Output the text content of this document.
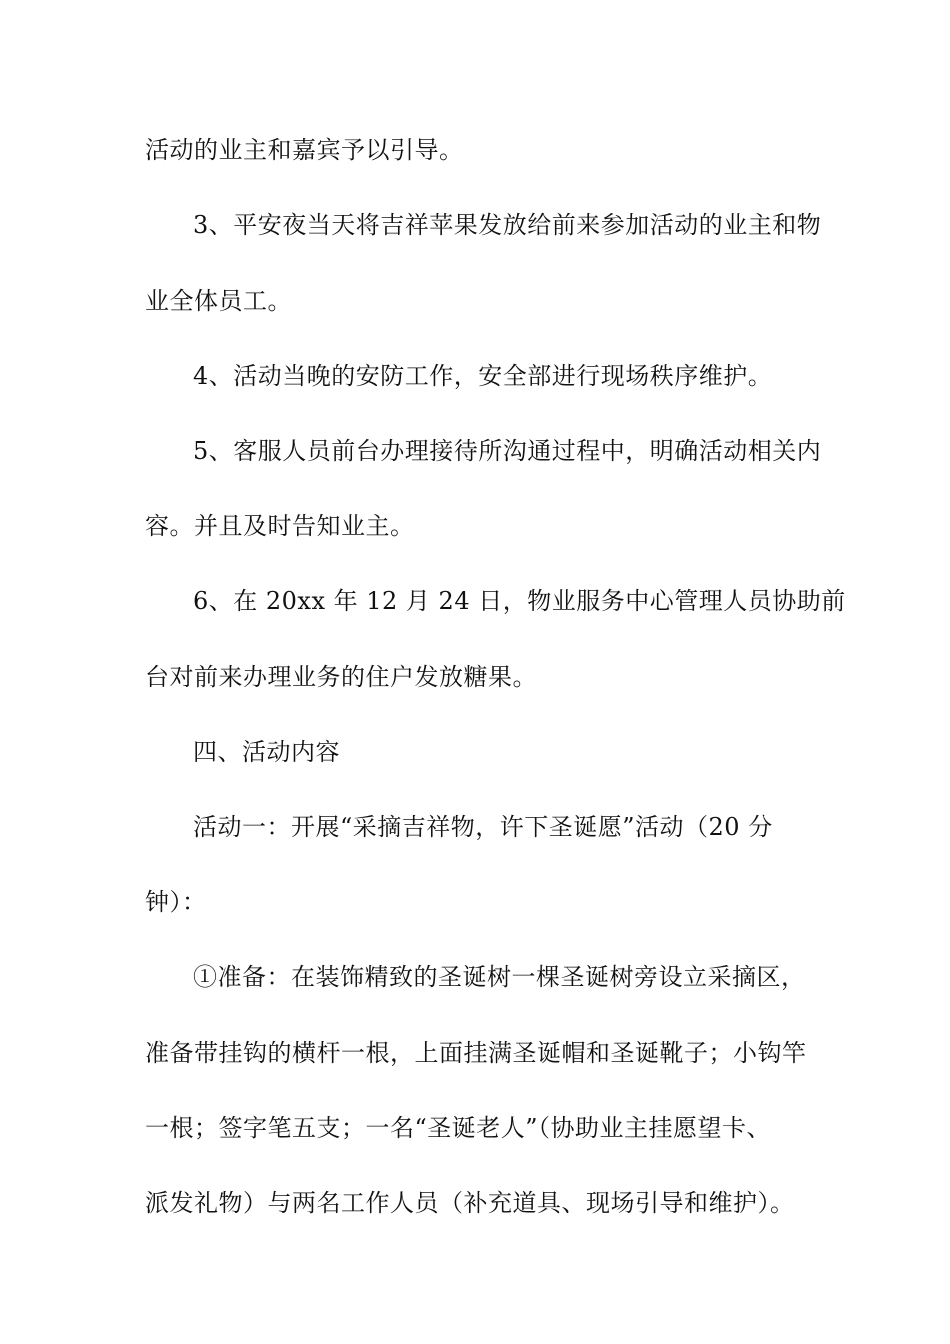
活动的业主和嘉宾予以引导。
3、平安夜当天将吉祥苹果发放给前来参加活动的业主和物
业全体员工。
4、活动当晚的安防工作，安全部进行现场秩序维护。
5、客服人员前台办理接待所沟通过程中，明确活动相关内
容。并且及时告知业主。
6、在 20xx 年 12 月 24 日，物业服务中心管理人员协助前
台对前来办理业务的住户发放糖果。
四、活动内容
活动一：开展“采摘吉祥物，许下圣诞愿”活动（20 分
钟）：
①准备：在装饰精致的圣诞树一棵圣诞树旁设立采摘区，
准备带挂钩的横杆一根，上面挂满圣诞帽和圣诞靴子；小钩竿
一根；签字笔五支；一名“圣诞老人”（协助业主挂愿望卡、
派发礼物）与两名工作人员（补充道具、现场引导和维护）。
